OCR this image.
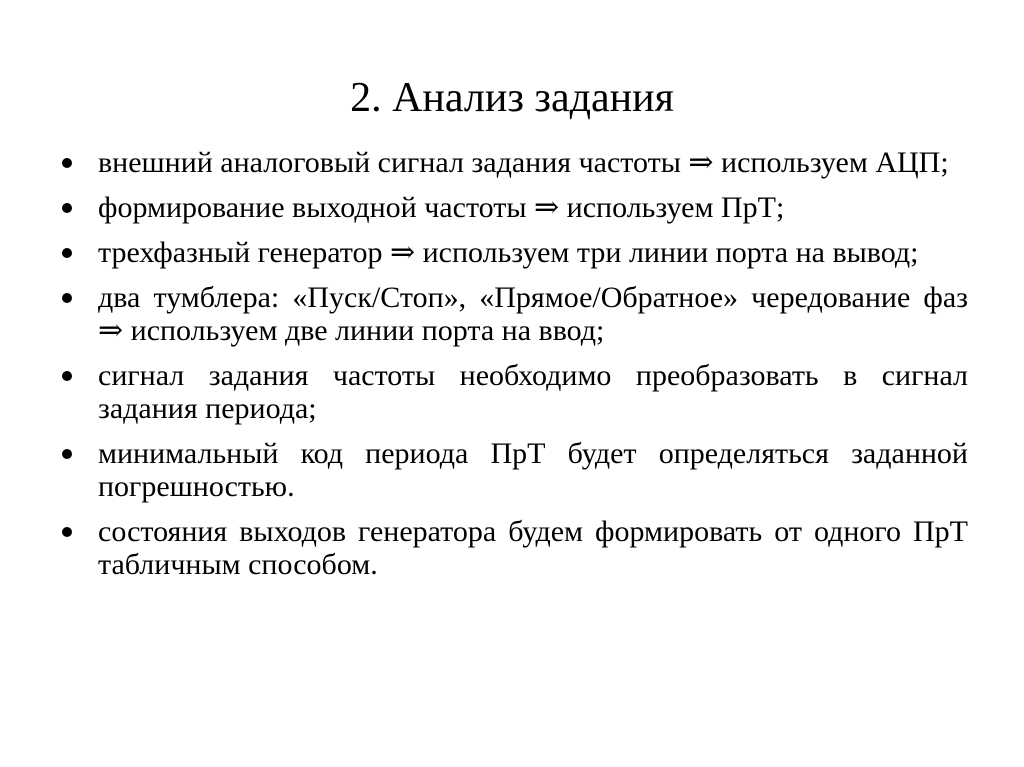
2. Анализ задания
внешний аналоговый сигнал задания частоты ⇒ используем АЦП;
формирование выходной частоты ⇒ используем ПрТ;
трехфазный генератор ⇒ используем три линии порта на вывод;
два тумблера: «Пуск/Стоп», «Прямое/Обратное» чередование фаз ⇒ используем две линии порта на ввод;
сигнал задания частоты необходимо преобразовать в сигнал задания периода;
минимальный код периода ПрТ будет определяться заданной погрешностью.
состояния выходов генератора будем формировать от одного ПрТ табличным способом.
